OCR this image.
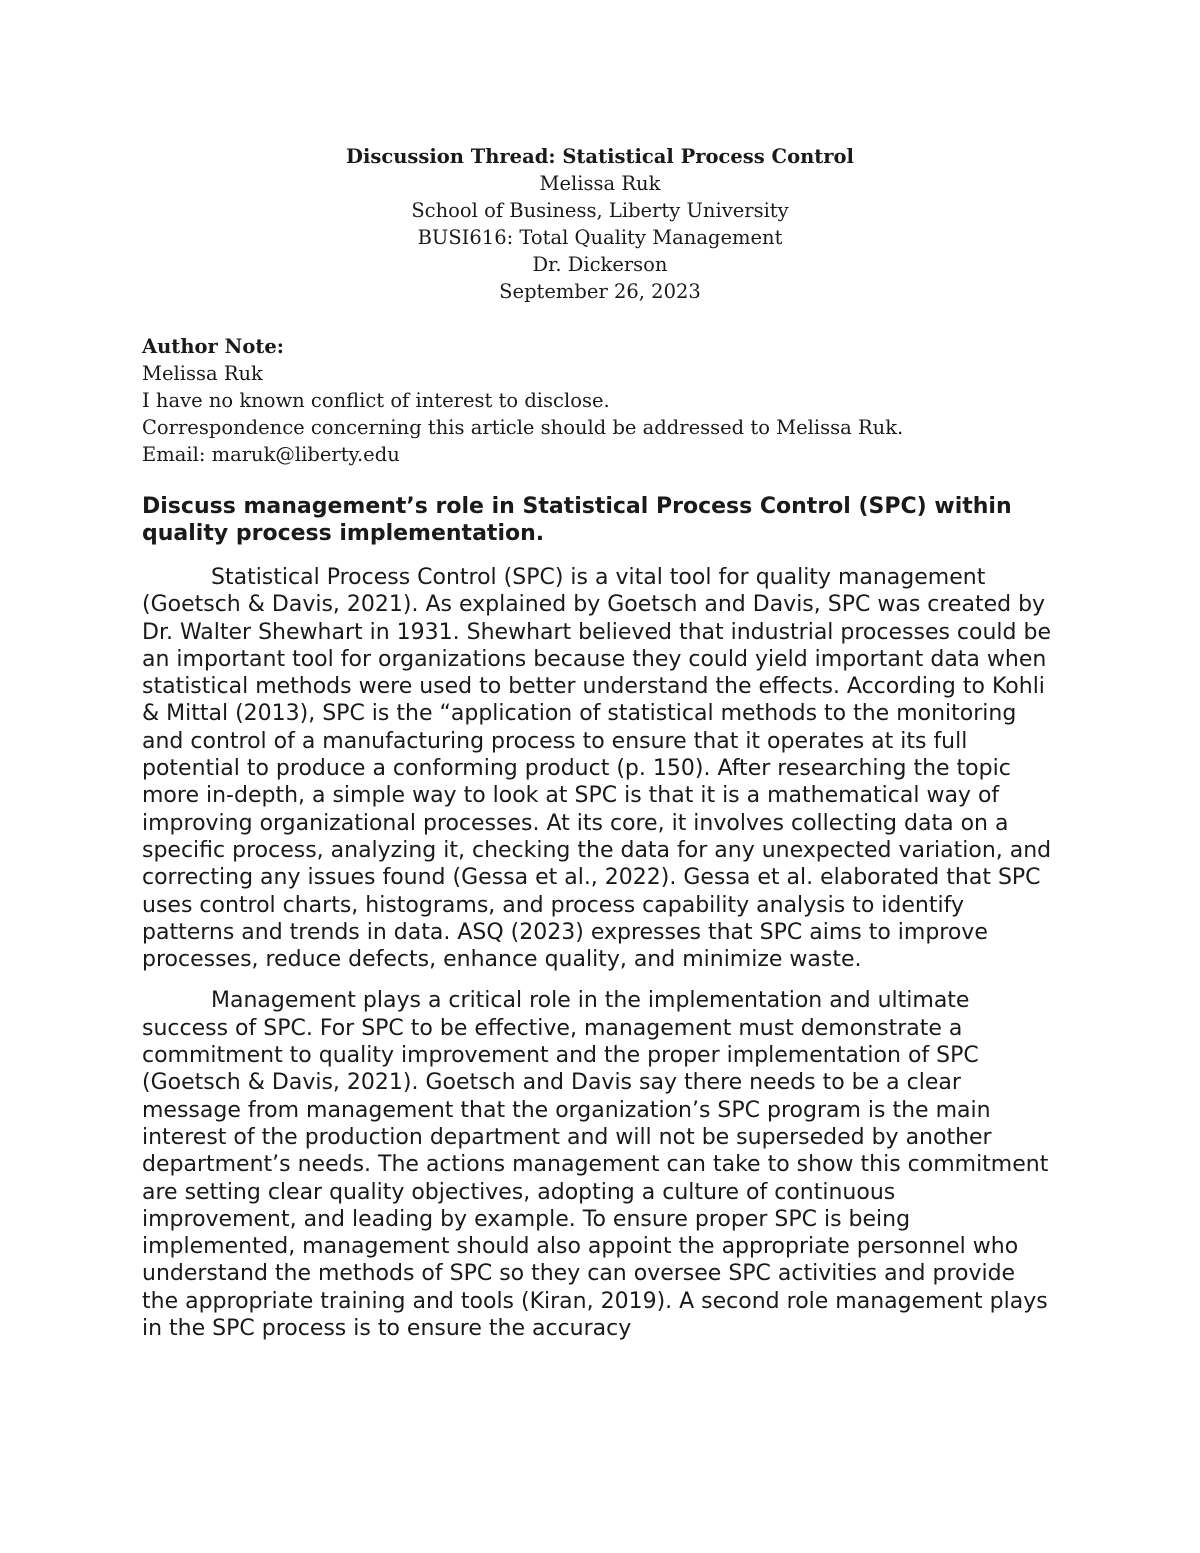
Discussion Thread: Statistical Process Control
Melissa Ruk
School of Business, Liberty University
BUSI616: Total Quality Management
Dr. Dickerson
September 26, 2023
Author Note:
Melissa Ruk
I have no known conflict of interest to disclose.
Correspondence concerning this article should be addressed to Melissa Ruk.
Email: maruk@liberty.edu
Discuss management’s role in Statistical Process Control (SPC) within quality process implementation.

Statistical Process Control (SPC) is a vital tool for quality management (Goetsch & Davis, 2021). As explained by Goetsch and Davis, SPC was created by Dr. Walter Shewhart in 1931. Shewhart believed that industrial processes could be an important tool for organizations because they could yield important data when statistical methods were used to better understand the effects. According to Kohli & Mittal (2013), SPC is the “application of statistical methods to the monitoring and control of a manufacturing process to ensure that it operates at its full potential to produce a conforming product (p. 150). After researching the topic more in-depth, a simple way to look at SPC is that it is a mathematical way of improving organizational processes. At its core, it involves collecting data on a specific process, analyzing it, checking the data for any unexpected variation, and correcting any issues found (Gessa et al., 2022). Gessa et al. elaborated that SPC uses control charts, histograms, and process capability analysis to identify patterns and trends in data. ASQ (2023) expresses that SPC aims to improve processes, reduce defects, enhance quality, and minimize waste.

Management plays a critical role in the implementation and ultimate success of SPC. For SPC to be effective, management must demonstrate a commitment to quality improvement and the proper implementation of SPC (Goetsch & Davis, 2021). Goetsch and Davis say there needs to be a clear message from management that the organization’s SPC program is the main interest of the production department and will not be superseded by another department’s needs. The actions management can take to show this commitment are setting clear quality objectives, adopting a culture of continuous improvement, and leading by example. To ensure proper SPC is being implemented, management should also appoint the appropriate personnel who understand the methods of SPC so they can oversee SPC activities and provide the appropriate training and tools (Kiran, 2019). A second role management plays in the SPC process is to ensure the accuracy
